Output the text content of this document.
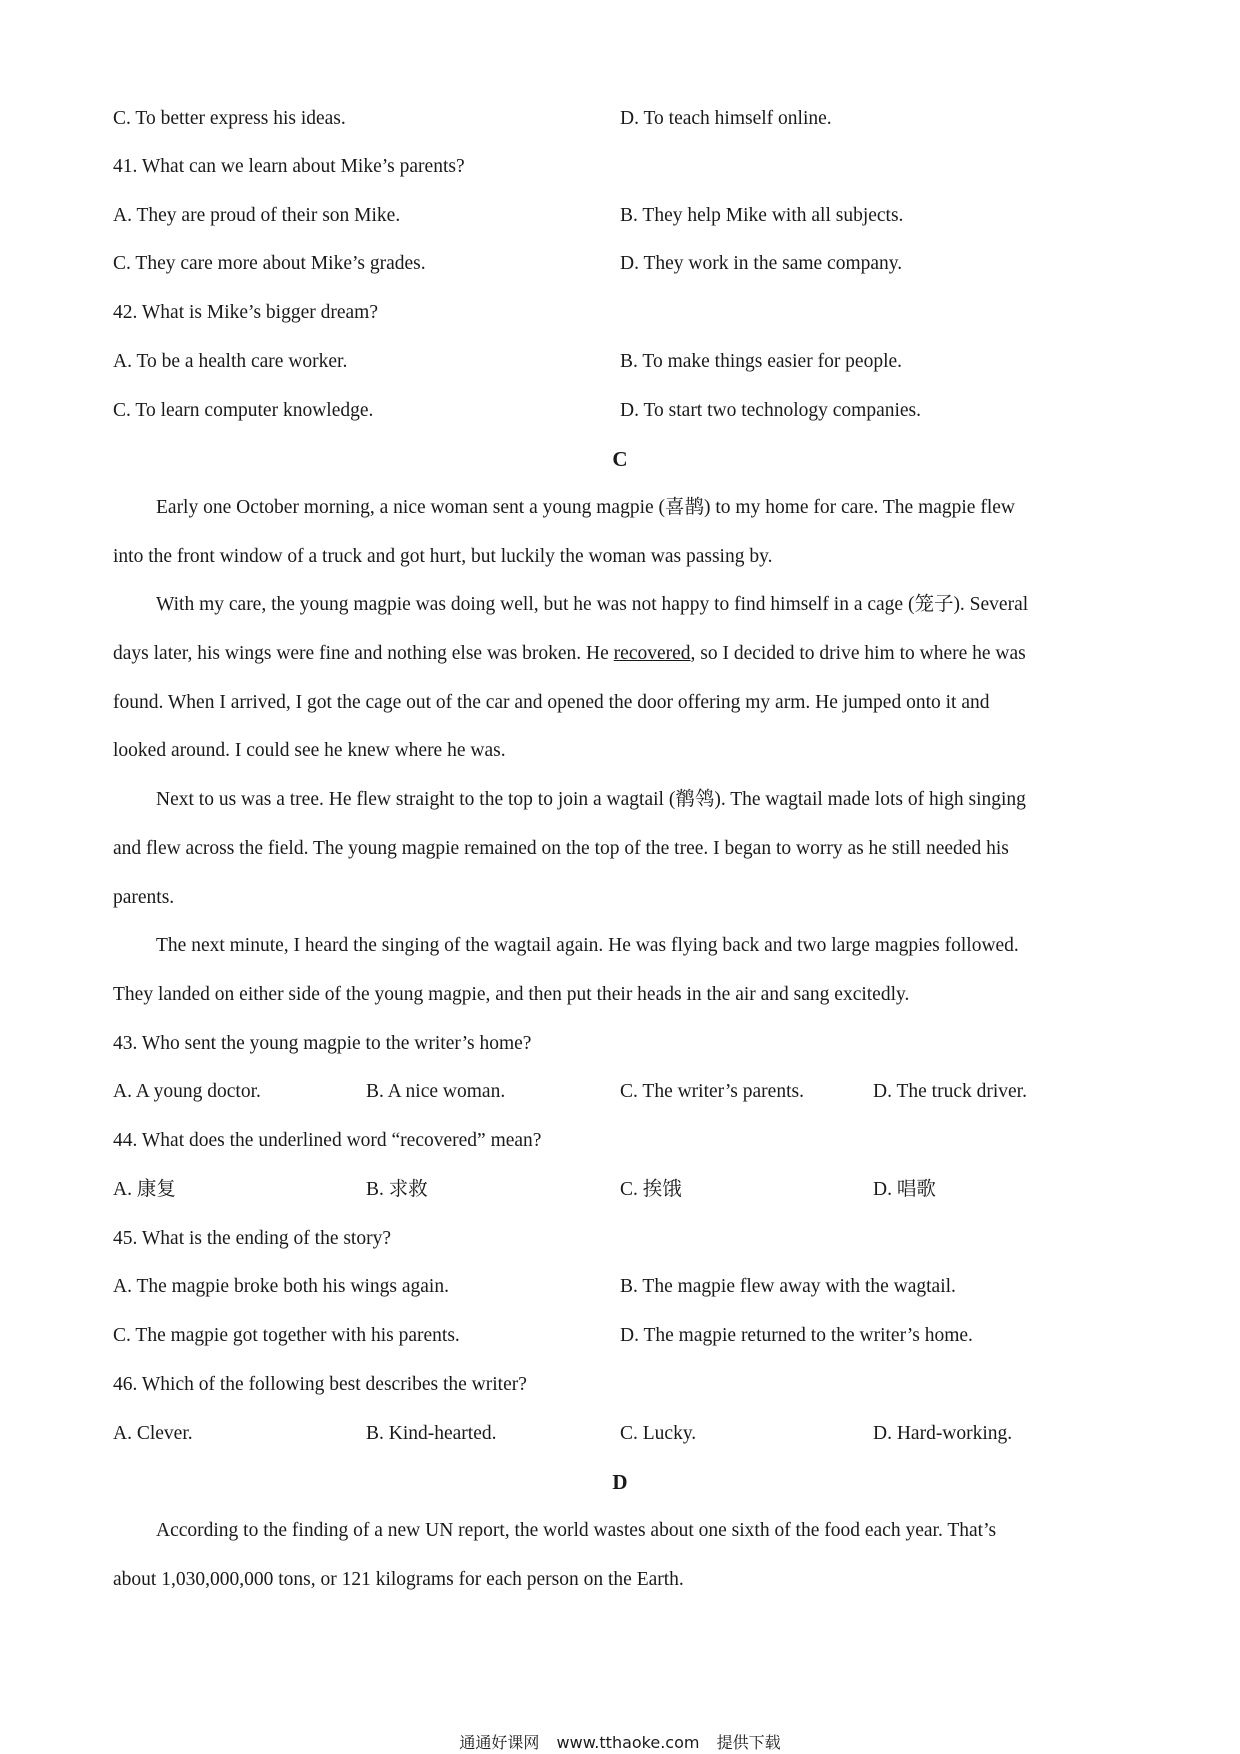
C. To better express his ideas.	D. To teach himself online.
41. What can we learn about Mike’s parents?
A. They are proud of their son Mike.	B. They help Mike with all subjects.
C. They care more about Mike’s grades.	D. They work in the same company.
42. What is Mike’s bigger dream?
A. To be a health care worker.	B. To make things easier for people.
C. To learn computer knowledge.	D. To start two technology companies.
C
Early one October morning, a nice woman sent a young magpie (喜鹊) to my home for care. The magpie flew
into the front window of a truck and got hurt, but luckily the woman was passing by.
With my care, the young magpie was doing well, but he was not happy to find himself in a cage (笼子). Several
days later, his wings were fine and nothing else was broken. He recovered, so I decided to drive him to where he was
found. When I arrived, I got the cage out of the car and opened the door offering my arm. He jumped onto it and
looked around. I could see he knew where he was.
Next to us was a tree. He flew straight to the top to join a wagtail (鹡鸰). The wagtail made lots of high singing
and flew across the field. The young magpie remained on the top of the tree. I began to worry as he still needed his
parents.
The next minute, I heard the singing of the wagtail again. He was flying back and two large magpies followed.
They landed on either side of the young magpie, and then put their heads in the air and sang excitedly.
43. Who sent the young magpie to the writer’s home?
A. A young doctor.	B. A nice woman.	C. The writer’s parents.	D. The truck driver.
44. What does the underlined word “recovered” mean?
A. 康复	B. 求救	C. 挨饿	D. 唱歌
45. What is the ending of the story?
A. The magpie broke both his wings again.	B. The magpie flew away with the wagtail.
C. The magpie got together with his parents.	D. The magpie returned to the writer’s home.
46. Which of the following best describes the writer?
A. Clever.	B. Kind-hearted.	C. Lucky.	D. Hard-working.
D
According to the finding of a new UN report, the world wastes about one sixth of the food each year. That’s
about 1,030,000,000 tons, or 121 kilograms for each person on the Earth.
通通好课网 www.tthaoke.com 提供下载
